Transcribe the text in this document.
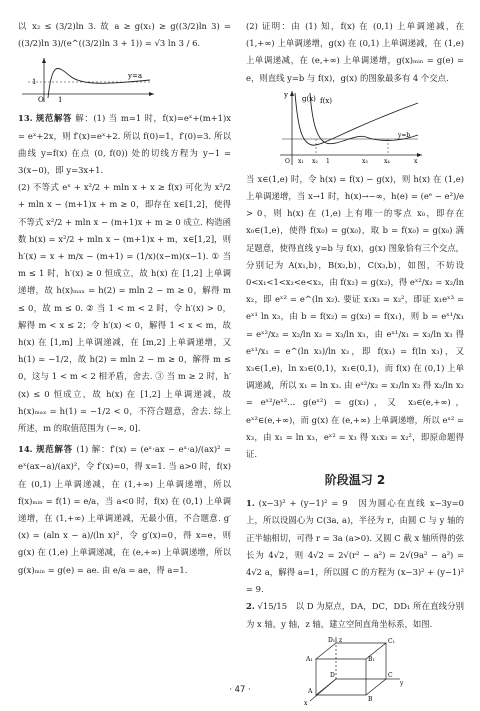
以 x₂ ≤ (3/2)ln 3. 故 a ≥ g(x₁) ≥ g((3/2)ln 3) = ((3/2)ln 3)/(e^((3/2)ln 3 + 1)) = √3 ln 3 / 6.

1
O 1
y=a

13. 规范解答 解：(1) 当 m=1 时，f(x)=eˣ+(m+1)x = eˣ+2x，则 f′(x)=eˣ+2. 所以 f(0)=1，f′(0)=3. 所以曲线 y=f(x) 在点 (0, f(0)) 处的切线方程为 y−1 = 3(x−0)，即 y=3x+1.

(2) 不等式 eˣ + x²/2 + mln x + x ≥ f(x) 可化为 x²/2 + mln x − (m+1)x + m ≥ 0，即存在 x∈[1,2]，使得不等式 x²/2 + mln x − (m+1)x + m ≥ 0 成立. 构造函数 h(x) = x²/2 + mln x − (m+1)x + m，x∈[1,2]，则 h′(x) = x + m/x − (m+1) = (1/x)(x−m)(x−1). ① 当 m ≤ 1 时，h′(x) ≥ 0 恒成立，故 h(x) 在 [1,2] 上单调递增，故 h(x)ₘₐₓ = h(2) = mln 2 − m ≥ 0，解得 m ≤ 0，故 m ≤ 0. ② 当 1 < m < 2 时，令 h′(x) > 0，解得 m < x ≤ 2；令 h′(x) < 0，解得 1 < x < m，故 h(x) 在 [1,m] 上单调递减，在 [m,2] 上单调递增，又 h(1) = −1/2，故 h(2) = mln 2 − m ≥ 0，解得 m ≤ 0，这与 1 < m < 2 相矛盾，舍去. ③ 当 m ≥ 2 时，h′(x) ≤ 0 恒成立，故 h(x) 在 [1,2] 上单调递减，故 h(x)ₘₐₓ = h(1) = −1/2 < 0，不符合题意，舍去. 综上所述，m 的取值范围为 (−∞, 0].

14. 规范解答 (1) 解：f′(x) = (eˣ·ax − eˣ·a)/(ax)² = eˣ(ax−a)/(ax)²，令 f′(x)=0，得 x=1. 当 a>0 时，f(x) 在 (0,1) 上单调递减，在 (1,+∞) 上单调递增，所以 f(x)ₘᵢₙ = f(1) = e/a，当 a<0 时，f(x) 在 (0,1) 上单调递增，在 (1,+∞) 上单调递减，无最小值，不合题意. g′(x) = (aln x − a)/(ln x)²，令 g′(x)=0，得 x=e，则 g(x) 在 (1,e) 上单调递减，在 (e,+∞) 上单调递增，所以 g(x)ₘᵢₙ = g(e) = ae. 由 e/a = ae，得 a=1.

(2) 证明：由 (1) 知，f(x) 在 (0,1) 上单调递减，在 (1,+∞) 上单调递增，g(x) 在 (0,1) 上单调递减，在 (1,e) 上单调递减，在 (e,+∞) 上单调递增，g(x)ₘᵢₙ = g(e) = e，则直线 y=b 与 f(x)，g(x) 的图象最多有 4 个交点.

y g(x) f(x)
y=b
O x₁ x₂ 1	x₃	x₄	x

当 x∈(1,e) 时，令 h(x) = f(x) − g(x)，则 h(x) 在 (1,e) 上单调递增，当 x→1 时，h(x)→−∞，h(e) = (eᵉ − e²)/e > 0，则 h(x) 在 (1,e) 上有唯一的零点 x₀，即存在 x₀∈(1,e)，使得 f(x₀) = g(x₀)，取 b = f(x₀) = g(x₀) 满足题意，使得直线 y=b 与 f(x)，g(x) 图象恰有三个交点，分别记为 A(x₁,b)，B(x₂,b)，C(x₃,b)，如图，不妨设 0<x₁<1<x₂<e<x₃，由 f(x₂) = g(x₂)，得 eˣ²/x₂ = x₂/ln x₂，即 eˣ² = e^(ln x₂). 要证 x₁x₃ = x₂²，即证 x₁eˣ³ = eˣ¹ ln x₃，由 b = f(x₂) = g(x₂) = f(x₁)，则 b = eˣ¹/x₁ = eˣ²/x₂ = x₂/ln x₂ = x₃/ln x₃，由 eˣ¹/x₁ = x₃/ln x₃ 得 eˣ¹/x₁ = e^(ln x₃)/ln x₃，即 f(x₁) = f(ln x₃)，又 x₃∈(1,e)，ln x₃∈(0,1)，x₁∈(0,1)，而 f(x) 在 (0,1) 上单调递减，所以 x₁ = ln x₃. 由 eˣ²/x₂ = x₂/ln x₂ 得 x₂/ln x₂ = eˣ²/eˣ²... g(eˣ²) = g(x₃)，又 x₃∈(e,+∞)，eˣ²∈(e,+∞)，而 g(x) 在 (e,+∞) 上单调递增，所以 eˣ² = x₃，由 x₁ = ln x₃，eˣ² = x₃ 得 x₁x₃ = x₂²，即原命题得证.

阶段温习 2

1. (x−3)² + (y−1)² = 9　因为圆心在直线 x−3y=0 上，所以设圆心为 C(3a, a)，半径为 r，由圆 C 与 y 轴的正半轴相切，可得 r = 3a (a>0). 又圆 C 截 x 轴所得的弦长为 4√2，则 4√2 = 2√(r² − a²) = 2√(9a² − a²) = 4√2 a，解得 a=1，所以圆 C 的方程为 (x−3)² + (y−1)² = 9.

2. √15/15　以 D 为原点，DA，DC，DD₁ 所在直线分别为 x 轴，y 轴，z 轴，建立空间直角坐标系，如图.

z
D₁	C₁
A₁	B₁
D	C
y
A
B
x
· 47 ·
